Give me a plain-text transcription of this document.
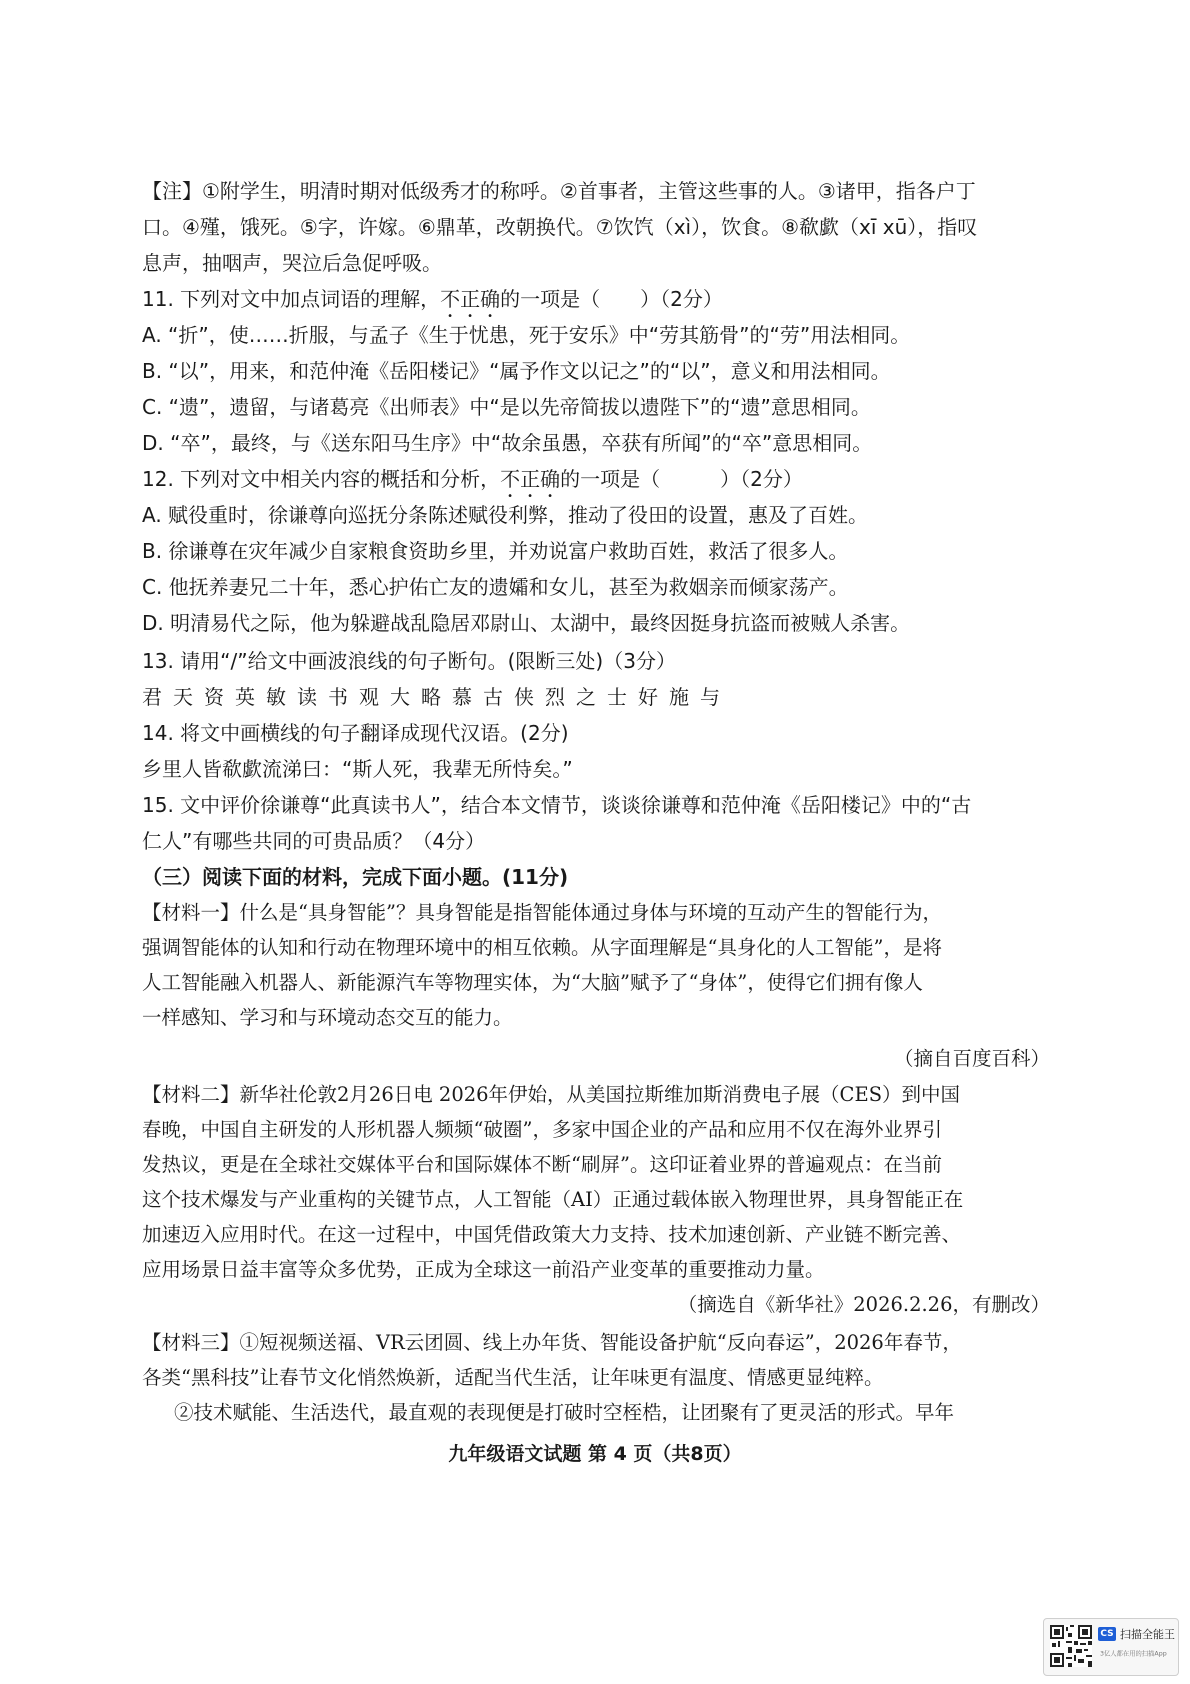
【注】①附学生，明清时期对低级秀才的称呼。②首事者，主管这些事的人。③诸甲，指各户丁
口。④殣，饿死。⑤字，许嫁。⑥鼎革，改朝换代。⑦饮饩（xì），饮食。⑧欷歔（xī xū），指叹
息声，抽咽声，哭泣后急促呼吸。
11. 下列对文中加点词语的理解，不正确的一项是（　　）（2分）
A. “折”，使……折服，与孟子《生于忧患，死于安乐》中“劳其筋骨”的“劳”用法相同。
B. “以”，用来，和范仲淹《岳阳楼记》“属予作文以记之”的“以”，意义和用法相同。
C. “遗”，遗留，与诸葛亮《出师表》中“是以先帝简拔以遗陛下”的“遗”意思相同。
D. “卒”，最终，与《送东阳马生序》中“故余虽愚，卒获有所闻”的“卒”意思相同。
12. 下列对文中相关内容的概括和分析，不正确的一项是（　　　）（2分）
A. 赋役重时，徐谦尊向巡抚分条陈述赋役利弊，推动了役田的设置，惠及了百姓。
B. 徐谦尊在灾年减少自家粮食资助乡里，并劝说富户救助百姓，救活了很多人。
C. 他抚养妻兄二十年，悉心护佑亡友的遗孀和女儿，甚至为救姻亲而倾家荡产。
D. 明清易代之际，他为躲避战乱隐居邓尉山、太湖中，最终因挺身抗盗而被贼人杀害。
13. 请用“/”给文中画波浪线的句子断句。(限断三处)（3分）
君天资英敏读书观大略慕古侠烈之士好施与
14. 将文中画横线的句子翻译成现代汉语。(2分)
乡里人皆欷歔流涕曰：“斯人死，我辈无所恃矣。”
15. 文中评价徐谦尊“此真读书人”，结合本文情节，谈谈徐谦尊和范仲淹《岳阳楼记》中的“古
仁人”有哪些共同的可贵品质？（4分）
（三）阅读下面的材料，完成下面小题。(11分)
【材料一】什么是“具身智能”？具身智能是指智能体通过身体与环境的互动产生的智能行为，
强调智能体的认知和行动在物理环境中的相互依赖。从字面理解是“具身化的人工智能”，是将
人工智能融入机器人、新能源汽车等物理实体，为“大脑”赋予了“身体”，使得它们拥有像人
一样感知、学习和与环境动态交互的能力。
（摘自百度百科）
【材料二】新华社伦敦2月26日电 2026年伊始，从美国拉斯维加斯消费电子展（CES）到中国
春晚，中国自主研发的人形机器人频频“破圈”，多家中国企业的产品和应用不仅在海外业界引
发热议，更是在全球社交媒体平台和国际媒体不断“刷屏”。这印证着业界的普遍观点：在当前
这个技术爆发与产业重构的关键节点，人工智能（AI）正通过载体嵌入物理世界，具身智能正在
加速迈入应用时代。在这一过程中，中国凭借政策大力支持、技术加速创新、产业链不断完善、
应用场景日益丰富等众多优势，正成为全球这一前沿产业变革的重要推动力量。
（摘选自《新华社》2026.2.26，有删改）
【材料三】①短视频送福、VR云团圆、线上办年货、智能设备护航“反向春运”，2026年春节，
各类“黑科技”让春节文化悄然焕新，适配当代生活，让年味更有温度、情感更显纯粹。
②技术赋能、生活迭代，最直观的表现便是打破时空桎梏，让团聚有了更灵活的形式。早年
九年级语文试题 第 4 页（共8页）
CS 扫描全能王
3亿人都在用的扫描App
